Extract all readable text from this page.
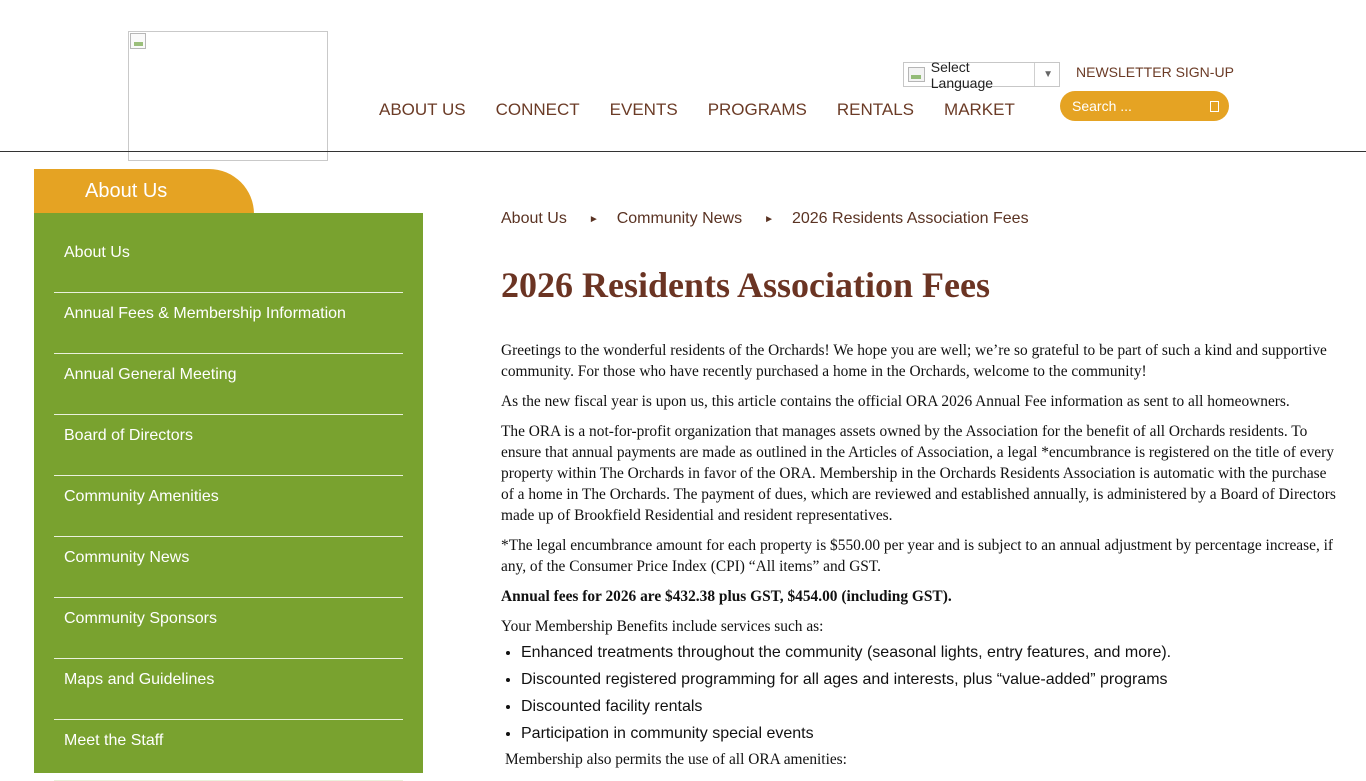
ABOUT US CONNECT EVENTS PROGRAMS RENTALS MARKET
Select Language	▼	NEWSLETTER SIGN-UP
Search ...
About Us
About Us
Annual Fees & Membership Information
Annual General Meeting
Board of Directors
Community Amenities
Community News
Community Sponsors
Maps and Guidelines
Meet the Staff
About Us ► Community News ► 2026 Residents Association Fees
2026 Residents Association Fees

Greetings to the wonderful residents of the Orchards! We hope you are well; we’re so grateful to be part of such a kind and supportive community. For those who have recently purchased a home in the Orchards, welcome to the community!

As the new fiscal year is upon us, this article contains the official ORA 2026 Annual Fee information as sent to all homeowners.

The ORA is a not-for-profit organization that manages assets owned by the Association for the benefit of all Orchards residents. To ensure that annual payments are made as outlined in the Articles of Association, a legal *encumbrance is registered on the title of every property within The Orchards in favor of the ORA. Membership in the Orchards Residents Association is automatic with the purchase of a home in The Orchards. The payment of dues, which are reviewed and established annually, is administered by a Board of Directors made up of Brookfield Residential and resident representatives.

*The legal encumbrance amount for each property is $550.00 per year and is subject to an annual adjustment by percentage increase, if any, of the Consumer Price Index (CPI) “All items” and GST.

Annual fees for 2026 are $432.38 plus GST, $454.00 (including GST).

Your Membership Benefits include services such as:

• Enhanced treatments throughout the community (seasonal lights, entry features, and more).
• Discounted registered programming for all ages and interests, plus “value-added” programs
• Discounted facility rentals
• Participation in community special events

Membership also permits the use of all ORA amenities:
